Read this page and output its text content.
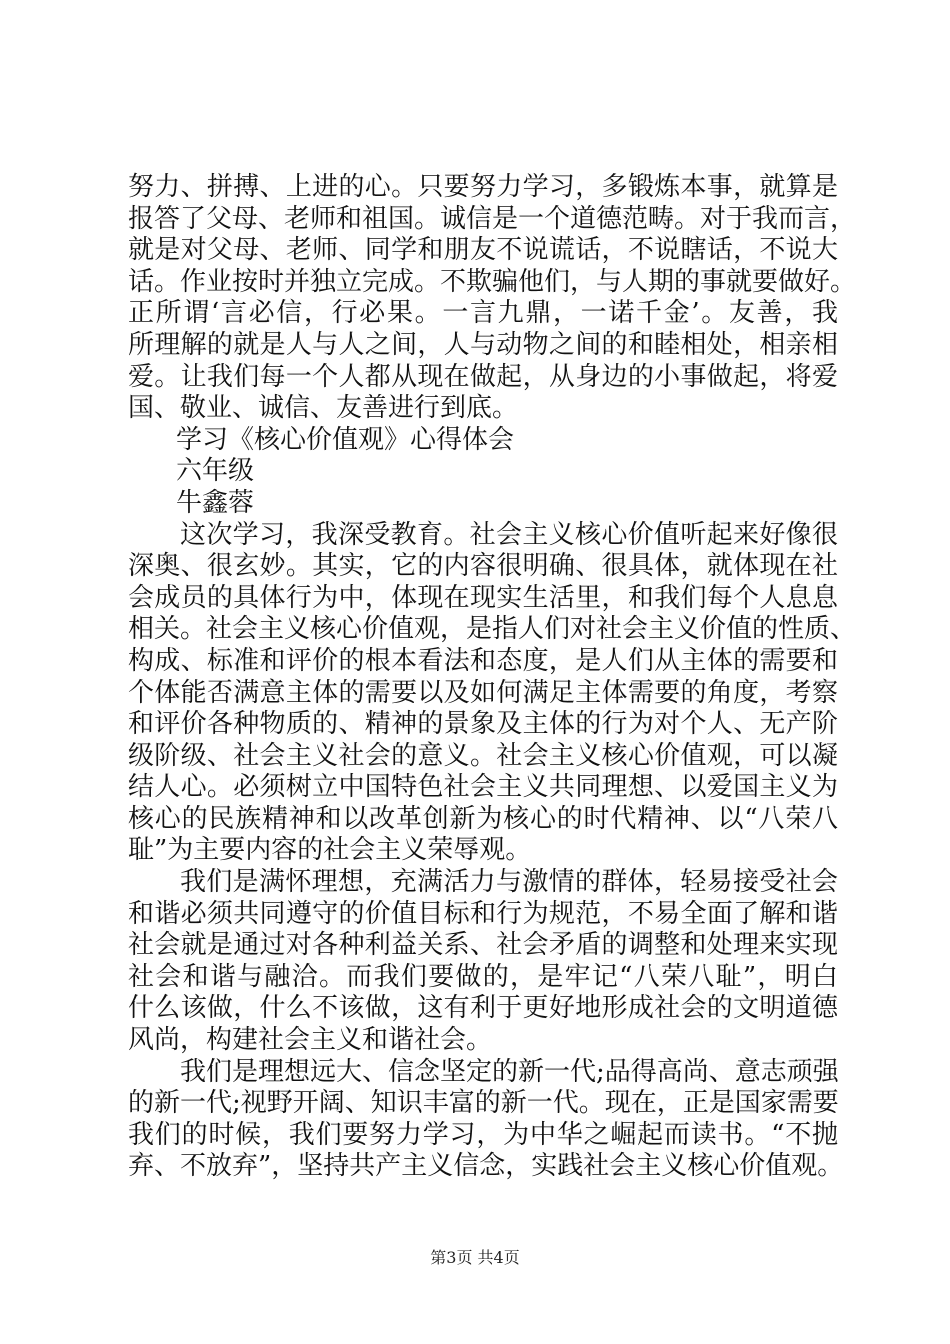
努力、拼搏、上进的心。只要努力学习，多锻炼本事，就算是
报答了父母、老师和祖国。诚信是一个道德范畴。对于我而言，
就是对父母、老师、同学和朋友不说谎话，不说瞎话，不说大
话。作业按时并独立完成。不欺骗他们，与人期的事就要做好。
正所谓‘言必信，行必果。一言九鼎，一诺千金’。友善，我
所理解的就是人与人之间，人与动物之间的和睦相处，相亲相
爱。让我们每一个人都从现在做起，从身边的小事做起，将爱
国、敬业、诚信、友善进行到底。
学习《核心价值观》心得体会
六年级
牛鑫蓉
这次学习，我深受教育。社会主义核心价值听起来好像很
深奥、很玄妙。其实，它的内容很明确、很具体，就体现在社
会成员的具体行为中，体现在现实生活里，和我们每个人息息
相关。社会主义核心价值观，是指人们对社会主义价值的性质、
构成、标准和评价的根本看法和态度，是人们从主体的需要和
个体能否满意主体的需要以及如何满足主体需要的角度，考察
和评价各种物质的、精神的景象及主体的行为对个人、无产阶
级阶级、社会主义社会的意义。社会主义核心价值观，可以凝
结人心。必须树立中国特色社会主义共同理想、以爱国主义为
核心的民族精神和以改革创新为核心的时代精神、以“八荣八
耻”为主要内容的社会主义荣辱观。
我们是满怀理想，充满活力与激情的群体，轻易接受社会
和谐必须共同遵守的价值目标和行为规范，不易全面了解和谐
社会就是通过对各种利益关系、社会矛盾的调整和处理来实现
社会和谐与融洽。而我们要做的，是牢记“八荣八耻”，明白
什么该做，什么不该做，这有利于更好地形成社会的文明道德
风尚，构建社会主义和谐社会。
我们是理想远大、信念坚定的新一代;品得高尚、意志顽强
的新一代;视野开阔、知识丰富的新一代。现在，正是国家需要
我们的时候，我们要努力学习，为中华之崛起而读书。“不抛
弃、不放弃”，坚持共产主义信念，实践社会主义核心价值观。
第3页 共4页
